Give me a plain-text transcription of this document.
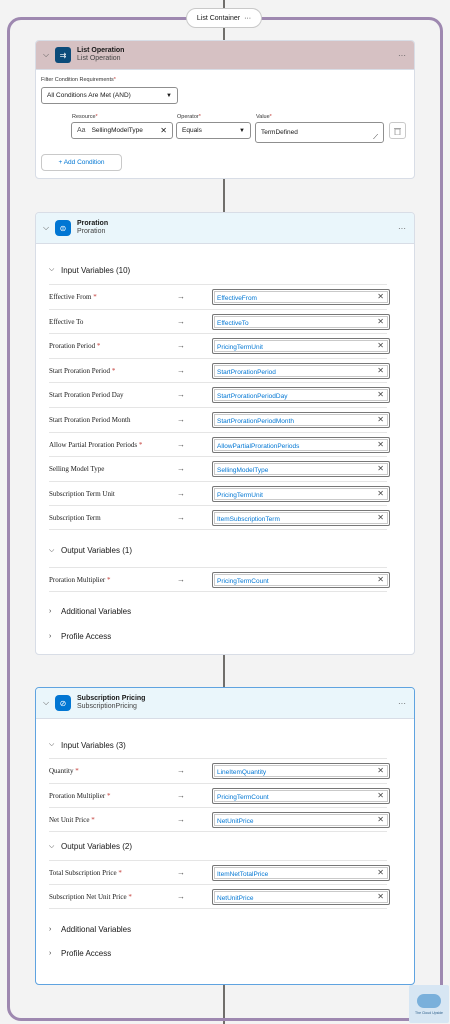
List Container ···
⌵	⇉
List Operation
List Operation	···
Filter Condition Requirements*
All Conditions Are Met (AND)	▼
Resource*
Aa SellingModelType	✕
Operator*
Equals	▼
Value*
TermDefined
⟋
+ Add Condition
⌵	⊜
Proration
Proration	···
⌵ Input Variables (10)
Effective From *	→	EffectiveFrom	✕
Effective To	→	EffectiveTo	✕
Proration Period *	→	PricingTermUnit	✕
Start Proration Period *	→	StartProrationPeriod	✕
Start Proration Period Day	→	StartProrationPeriodDay	✕
Start Proration Period Month	→	StartProrationPeriodMonth	✕
Allow Partial Proration Periods *	→	AllowPartialProrationPeriods	✕
Selling Model Type	→	SellingModelType	✕
Subscription Term Unit	→	PricingTermUnit	✕
Subscription Term	→	ItemSubscriptionTerm	✕
⌵ Output Variables (1)
Proration Multiplier *	→	PricingTermCount	✕
›	Additional Variables
›	Profile Access
⌵	⊘
Subscription Pricing
SubscriptionPricing	···
⌵ Input Variables (3)
Quantity *	→	LineItemQuantity	✕
Proration Multiplier *	→	PricingTermCount	✕
Net Unit Price *	→	NetUnitPrice	✕
⌵ Output Variables (2)
Total Subscription Price *	→	ItemNetTotalPrice	✕
Subscription Net Unit Price *	→	NetUnitPrice	✕
›	Additional Variables
›	Profile Access
The Cloud Upside
